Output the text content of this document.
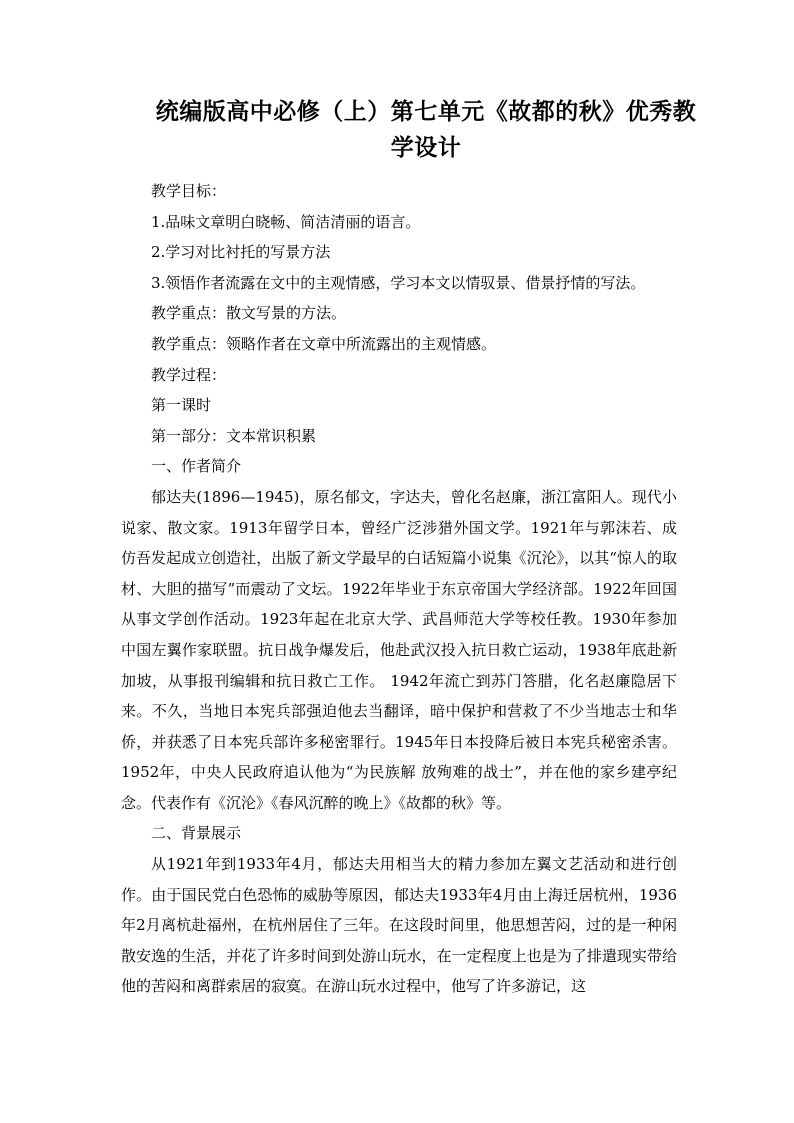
统编版高中必修（上）第七单元《故都的秋》优秀教学设计
教学目标：
1.品味文章明白晓畅、简洁清丽的语言。
2.学习对比衬托的写景方法
3.领悟作者流露在文中的主观情感，学习本文以情驭景、借景抒情的写法。
教学重点：散文写景的方法。
教学重点：领略作者在文章中所流露出的主观情感。
教学过程：
第一课时
第一部分：文本常识积累
一、作者简介
郁达夫(1896—1945)，原名郁文，字达夫，曾化名赵廉，浙江富阳人。现代小说家、散文家。1913年留学日本，曾经广泛涉猎外国文学。1921年与郭沫若、成仿吾发起成立创造社，出版了新文学最早的白话短篇小说集《沉沦》，以其“惊人的取材、大胆的描写”而震动了文坛。1922年毕业于东京帝国大学经济部。1922年回国从事文学创作活动。1923年起在北京大学、武昌师范大学等校任教。1930年参加中国左翼作家联盟。抗日战争爆发后，他赴武汉投入抗日救亡运动，1938年底赴新加坡，从事报刊编辑和抗日救亡工作。 1942年流亡到苏门答腊，化名赵廉隐居下来。不久，当地日本宪兵部强迫他去当翻译，暗中保护和营救了不少当地志士和华 侨，并获悉了日本宪兵部许多秘密罪行。1945年日本投降后被日本宪兵秘密杀害。1952年，中央人民政府追认他为“为民族解 放殉难的战士”，并在他的家乡建亭纪念。代表作有《沉沦》《春风沉醉的晚上》《故都的秋》等。
二、背景展示
从1921年到1933年4月，郁达夫用相当大的精力参加左翼文艺活动和进行创作。由于国民党白色恐怖的威胁等原因，郁达夫1933年4月由上海迁居杭州，1936年2月离杭赴福州，在杭州居住了三年。在这段时间里，他思想苦闷，过的是一种闲散安逸的生活，并花了许多时间到处游山玩水，在一定程度上也是为了排遣现实带给他的苦闷和离群索居的寂寞。在游山玩水过程中，他写了许多游记，这
